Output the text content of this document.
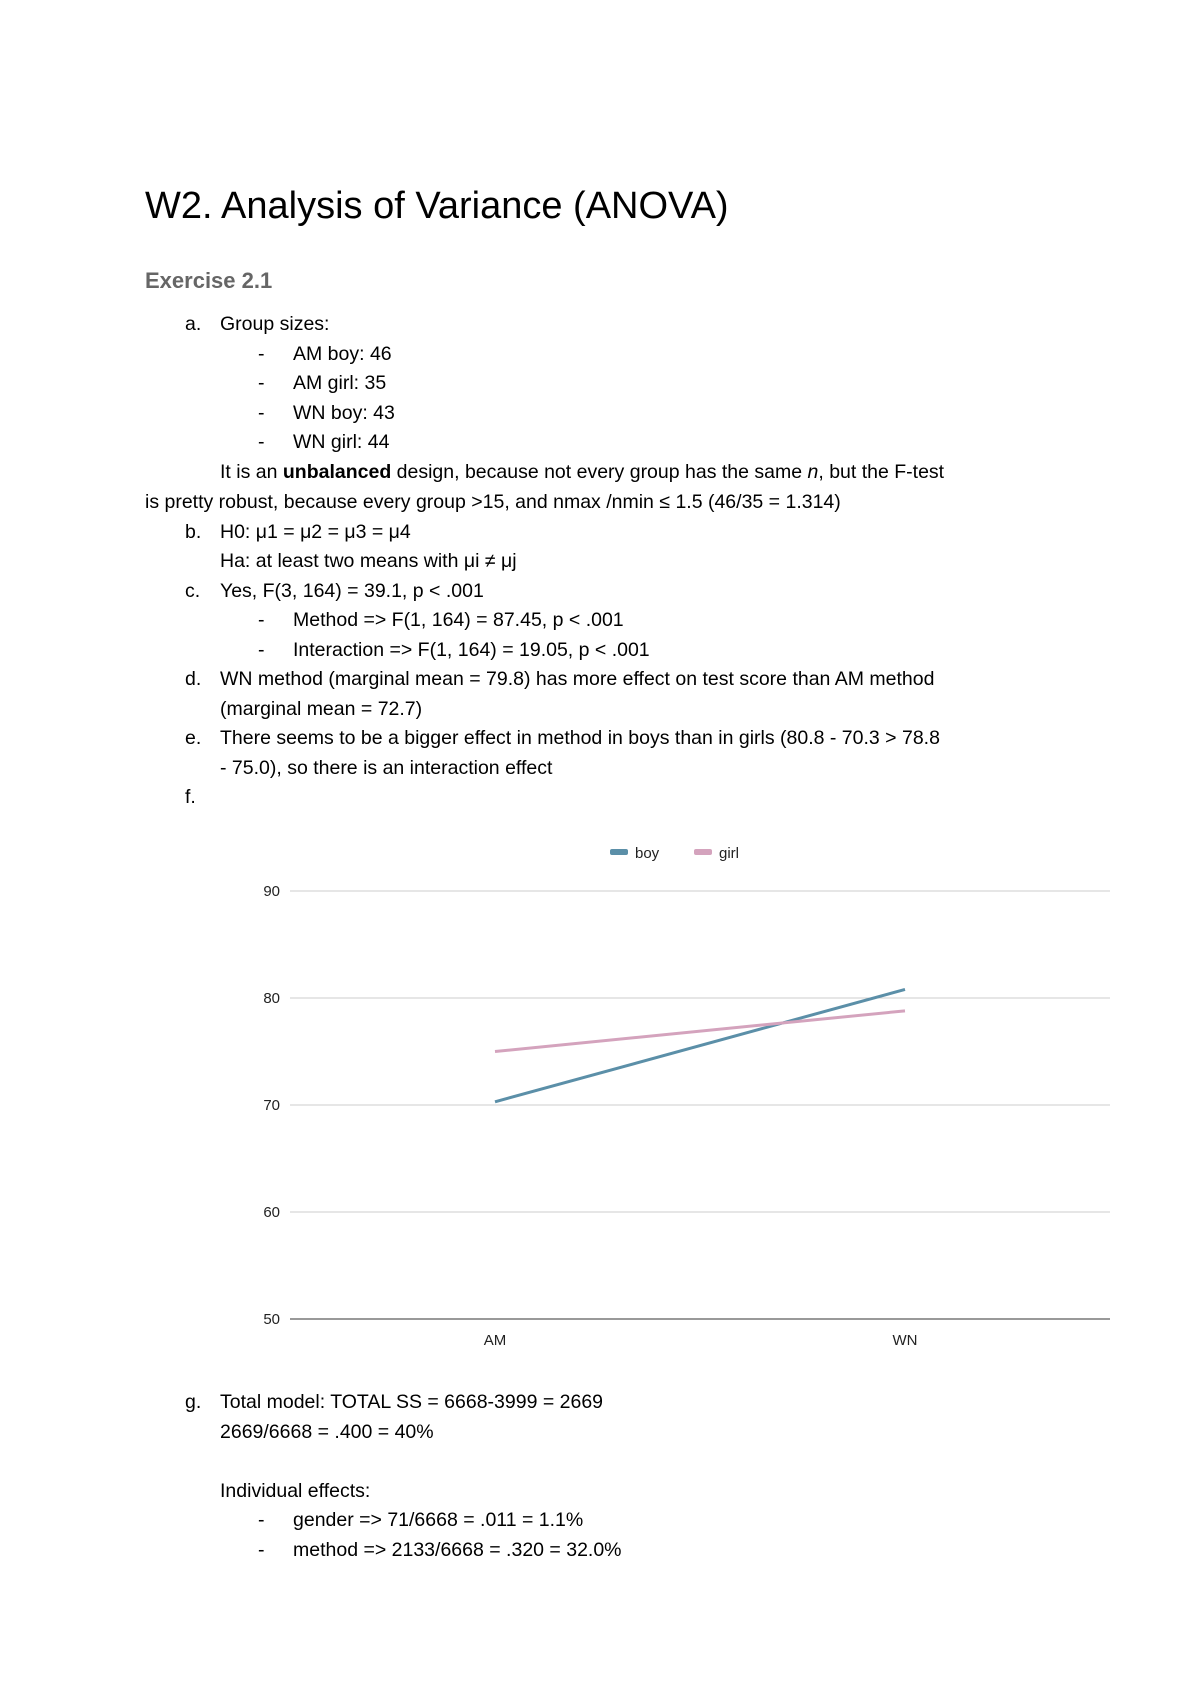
W2. Analysis of Variance (ANOVA)
Exercise 2.1
a. Group sizes:
- AM boy: 46
- AM girl: 35
- WN boy: 43
- WN girl: 44
It is an unbalanced design, because not every group has the same n, but the F-test
is pretty robust, because every group >15, and nmax /nmin ≤ 1.5 (46/35 = 1.314)
b. H0: μ1 = μ2 = μ3 = μ4
Ha: at least two means with μi ≠ μj
c. Yes, F(3, 164) = 39.1, p < .001
- Method => F(1, 164) = 87.45, p < .001
- Interaction => F(1, 164) = 19.05, p < .001
d. WN method (marginal mean = 79.8) has more effect on test score than AM method
(marginal mean = 72.7)
e. There seems to be a bigger effect in method in boys than in girls (80.8 - 70.3 > 78.8
- 75.0), so there is an interaction effect
f.
boy	girl
50
60
70
80
90
AM	WN
g. Total model: TOTAL SS = 6668-3999 = 2669
2669/6668 = .400 = 40%
Individual effects:
- gender => 71/6668 = .011 = 1.1%
- method => 2133/6668 = .320 = 32.0%
